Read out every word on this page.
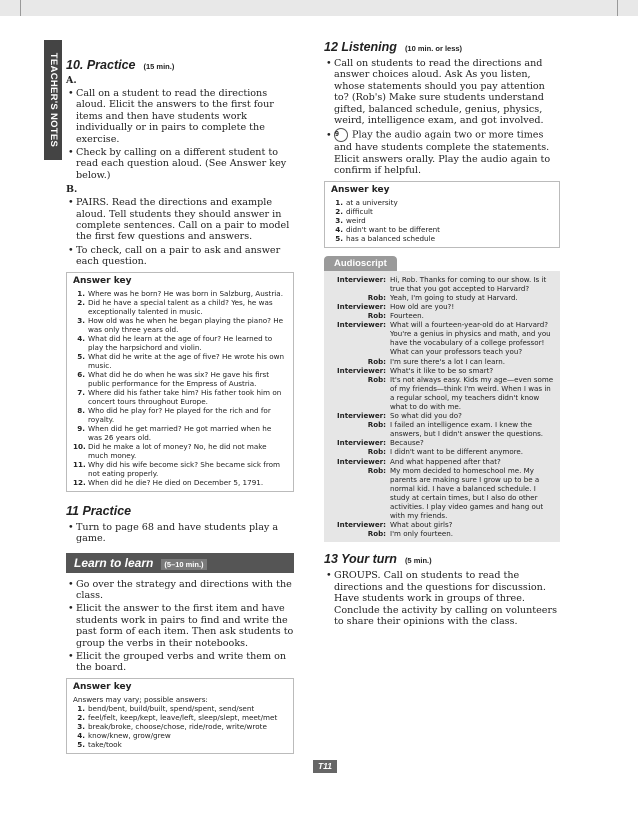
TEACHER'S NOTES 10. Practice (15 min.)
A.
• Call on a student to read the directions aloud. Elicit the answers to the first four items and then have students work individually or in pairs to complete the exercise.
• Check by calling on a different student to read each question aloud. (See Answer key below.)
B.
• PAIRS. Read the directions and example aloud. Tell students they should answer in complete sentences. Call on a pair to model the first few questions and answers.
• To check, call on a pair to ask and answer each question.
Answer key
1. Where was he born? He was born in Salzburg, Austria.
2. Did he have a special talent as a child? Yes, he was exceptionally talented in music.
3. How old was he when he began playing the piano? He was only three years old.
4. What did he learn at the age of four? He learned to play the harpsichord and violin.
5. What did he write at the age of five? He wrote his own music.
6. What did he do when he was six? He gave his first public performance for the Empress of Austria.
7. Where did his father take him? His father took him on concert tours throughout Europe.
8. Who did he play for? He played for the rich and for royalty.
9. When did he get married? He got married when he was 26 years old.
10. Did he make a lot of money? No, he did not make much money.
11. Why did his wife become sick? She became sick from not eating properly.
12. When did he die? He died on December 5, 1791.
11 Practice
• Turn to page 68 and have students play a game.
Learn to learn (5–10 min.)
• Go over the strategy and directions with the class.
• Elicit the answer to the first item and have students work in pairs to find and write the past form of each item. Then ask students to group the verbs in their notebooks.
• Elicit the grouped verbs and write them on the board.
Answer key
Answers may vary; possible answers:
1. bend/bent, build/built, spend/spent, send/sent
2. feel/felt, keep/kept, leave/left, sleep/slept, meet/met
3. break/broke, choose/chose, ride/rode, write/wrote
4. know/knew, grow/grew
5. take/took
12 Listening (10 min. or less)
• Call on students to read the directions and answer choices aloud. Ask As you listen, whose statements should you pay attention to? (Rob's) Make sure students understand gifted, balanced schedule, genius, physics, weird, intelligence exam, and got involved.
• 9 Play the audio again two or more times and have students complete the statements. Elicit answers orally. Play the audio again to confirm if helpful.
Answer key
1. at a university
2. difficult
3. weird
4. didn't want to be different
5. has a balanced schedule
Audioscript
Interviewer: Hi, Rob. Thanks for coming to our show. Is it true that you got accepted to Harvard?
Rob: Yeah, I'm going to study at Harvard.
Interviewer: How old are you?!
Rob: Fourteen.
Interviewer: What will a fourteen-year-old do at Harvard? You're a genius in physics and math, and you have the vocabulary of a college professor! What can your professors teach you?
Rob: I'm sure there's a lot I can learn.
Interviewer: What's it like to be so smart?
Rob: It's not always easy. Kids my age—even some of my friends—think I'm weird. When I was in a regular school, my teachers didn't know what to do with me.
Interviewer: So what did you do?
Rob: I failed an intelligence exam. I knew the answers, but I didn't answer the questions.
Interviewer: Because?
Rob: I didn't want to be different anymore.
Interviewer: And what happened after that?
Rob: My mom decided to homeschool me. My parents are making sure I grow up to be a normal kid. I have a balanced schedule. I study at certain times, but I also do other activities. I play video games and hang out with my friends.
Interviewer: What about girls?
Rob: I'm only fourteen.
13 Your turn (5 min.)
• GROUPS. Call on students to read the directions and the questions for discussion. Have students work in groups of three. Conclude the activity by calling on volunteers to share their opinions with the class.
T11
